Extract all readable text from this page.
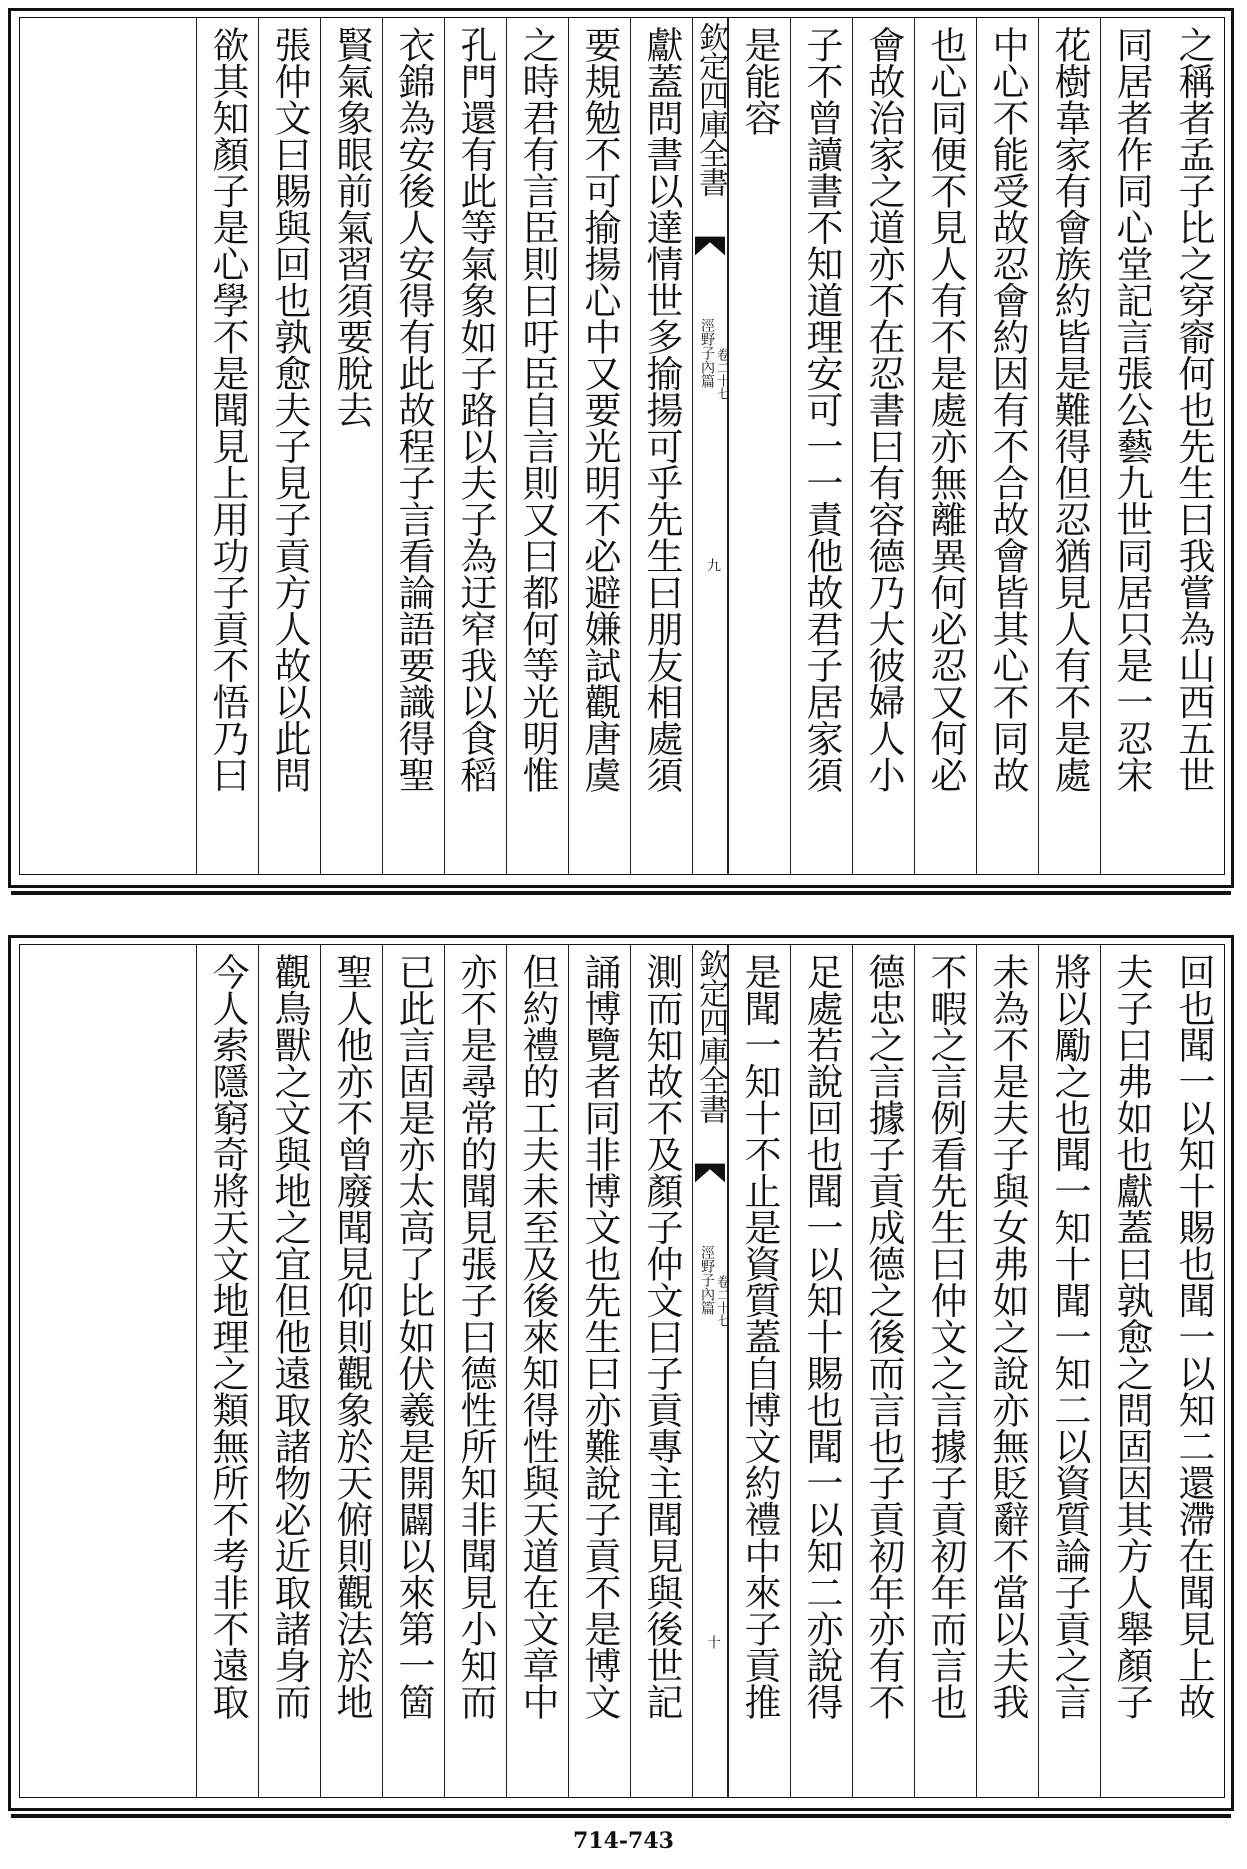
之稱者孟子比之穿窬何也先生曰我嘗為山西五世
同居者作同心堂記言張公藝九世同居只是一忍宋
花樹韋家有會族約皆是難得但忍猶見人有不是處
中心不能受故忍會約因有不合故會皆其心不同故
也心同便不見人有不是處亦無離異何必忍又何必
會故治家之道亦不在忍書曰有容德乃大彼婦人小
子不曾讀書不知道理安可一一責他故君子居家須
是能容
欽定四庫全書
涇野子內篇 卷二十七
九
獻蓋問書以達情世多揄揚可乎先生曰朋友相處須
要規勉不可揄揚心中又要光明不必避嫌試觀唐虞
之時君有言臣則曰吁臣自言則又曰都何等光明惟
孔門還有此等氣象如子路以夫子為迂窄我以食稻
衣錦為安後人安得有此故程子言看論語要識得聖
賢氣象眼前氣習須要脫去
張仲文曰賜與回也孰愈夫子見子貢方人故以此問
欲其知顏子是心學不是聞見上用功子貢不悟乃曰
回也聞一以知十賜也聞一以知二還滯在聞見上故
夫子曰弗如也獻蓋曰孰愈之問固因其方人舉顏子
將以勵之也聞一知十聞一知二以資質論子貢之言
未為不是夫子與女弗如之說亦無貶辭不當以夫我
不暇之言例看先生曰仲文之言據子貢初年而言也
德忠之言據子貢成德之後而言也子貢初年亦有不
足處若說回也聞一以知十賜也聞一以知二亦說得
是聞一知十不止是資質蓋自博文約禮中來子貢推
欽定四庫全書
涇野子內篇 卷二十七
十
測而知故不及顏子仲文曰子貢專主聞見與後世記
誦博覽者同非博文也先生曰亦難說子貢不是博文
但約禮的工夫未至及後來知得性與天道在文章中
亦不是尋常的聞見張子曰德性所知非聞見小知而
已此言固是亦太高了比如伏羲是開闢以來第一箇
聖人他亦不曾廢聞見仰則觀象於天俯則觀法於地
觀鳥獸之文與地之宜但他遠取諸物必近取諸身而
今人索隱窮奇將天文地理之類無所不考非不遠取
714-743
